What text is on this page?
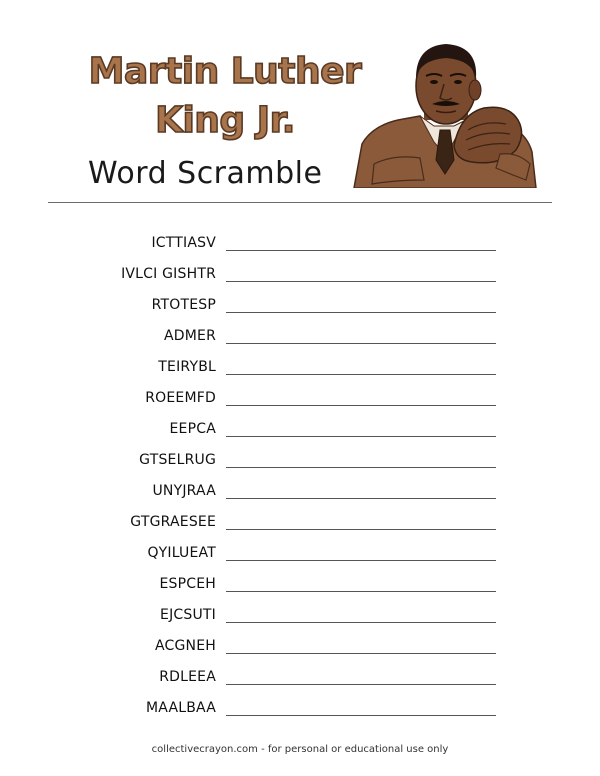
Martin Luther
King Jr.
Word Scramble
ICTTIASV
IVLCI GISHTR
RTOTESP
ADMER
TEIRYBL
ROEEMFD
EEPCA
GTSELRUG
UNYJRAA
GTGRAESEE
QYILUEAT
ESPCEH
EJCSUTI
ACGNEH
RDLEEA
MAALBAA
collectivecrayon.com - for personal or educational use only
